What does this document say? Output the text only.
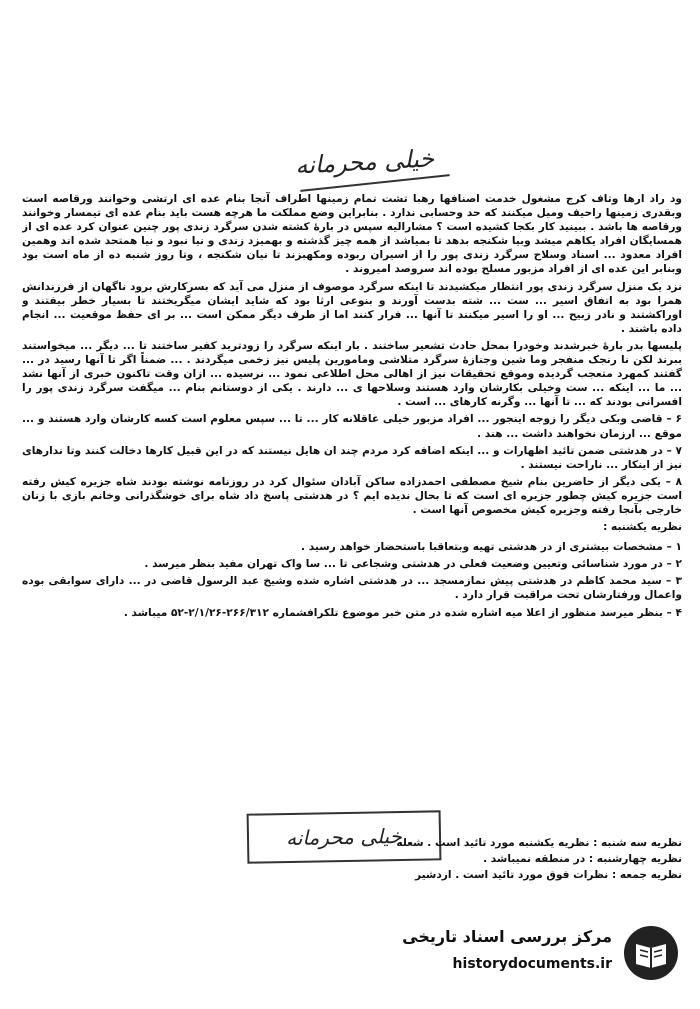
خیلی محرمانه

ود راد ارها وتاف کرج مشغول خدمت اصنافها رهبا تشت تمام زمینها اطراف آنجا بنام عده ای ارتشی وخوانند ورقاصه است وبقدری زمینها راحیف ومیل میکنند که حد وحسابی ندارد . بنابراین وضع مملکت ما هرچه هست باید بنام عده ای تیمسار وخوانند ورقاصه ها باشد . ببینید کار بکجا کشیده است ؟ مشارالیه سپس در بارهٔ کشته شدن سرگرد زندی پور چنین عنوان کرد عده ای از همسایگان افراد یکاهم میشد وبیا شکنجه بدهد تا بمیاشد از همه چیز گذشته و بهمیزد زندی و نیا نبود و نیا همتحد شده اند وهمین افراد معدود ... اسناد وسلاح سرگرد زندی پور را از اسیران ربوده ومکهبزند تا نیان شکنجه ، وتا روز شنبه ده از ماه است بود وبنابر این عده ای از افراد مزبور مسلح بوده اند سروصد امیروند .

نزد یک منزل سرگرد زندی پور انتظار میکشیدند تا اینکه سرگرد موصوف از منزل می آید که بسرکارش برود ناگهان از فرزندانش همرا بود به اتفاق اسیر ... ست ... شته بدست آورند و بنوعی ارثا بود که شاید ایشان میگریختند تا بسیار خطر بیفتند و اوراکشتند و نادر زبیح ... او را اسیر میکنند تا آنها ... فرار کنند اما از طرف دیگر ممکن است ... بر ای حفظ موقعیت ... انجام داده باشند .

پلیسها بدر بارهٔ خبرشدند وخودرا بمحل حادث تشعیر ساختند . بار اینکه سرگرد را زودترید کفیر ساختند تا ... دیگر ... میخواستند ببرند لکن نا رنجک منفجر وما شین وجنازهٔ سرگرد متلاشی ومامورین پلیس نیز زخمی میگردند . ... ضمناً اگر تا آنها رسید در ... گفتند کمهرد متعجب گردیده وموقع تحقیقات نیز از اهالی محل اطلاعی نمود ... نرسیده ... ازان وقت تاکنون خبری از آنها نشد ... ما ... اینکه ... ست وخیلی بکارشان وارد هستند وسلاحها ی ... دارند . یکی از دوستانم بنام ... میگفت سرگرد زندی پور را افسرانی بودند که ... تا آنها ... وگرنه کارهای ... است .

۶ – قاضی وبکی دیگر را زوجه اینجور ... افراد مزبور خیلی عاقلانه کار ... تا ... سپس معلوم است کسه کارشان وارد هستند و ... موقع ... ارزمان نخواهند داشت ... هند .

۷ – در هدشتی ضمن تائید اظهارات و ... اینکه اضافه کرد مردم چند ان هایل نیستند که در این قبیل کارها دخالت کنند وتا ندارهای نیز از اینکار ... ناراحت نیستند .

۸ – یکی دیگر از حاضرین بنام شیخ مصطفی احمدزاده ساکن آبادان سئوال کرد در روزنامه نوشته بودند شاه جزیره کیش رفته است جزیره کیش چطور جزیره ای است که تا بحال ندیده ایم ؟ در هدشتی پاسخ داد شاه برای خوشگذرانی وخانم بازی با زنان خارجی بآنجا رفته وجزیره کیش مخصوص آنها است .

نظریه یکشنبه :

۱ – مشخصات بیشتری از در هدشتی تهیه وبتعاقبا باستحضار خواهد رسید .

۲ – در مورد شناسائی وتعیین وضعیت فعلی در هدشتی وشجاعی تا ... سا واک تهران مفید بنظر میرسد .

۳ – سید محمد کاظم در هدشتی پیش نمازمسجد ... در هدشتی اشاره شده وشیخ عبد الرسول قاضی در ... دارای سوابقی بوده واعمال ورفتارشان تحت مراقبت قرار دارد .

۴ – بنظر میرسد منظور از اعلا میه اشاره شده در متن خبر موضوع تلکرافشماره ۲۶۶/۳۱۲-۲/۱/۲۶-۵۲ میباشد .

خیلی محرمانه

نظریه سه شنبه : نظریه یکشنبه مورد تائید است . شعله

نظریه چهارشنبه : در منطقه نمیباشد .

نظریه جمعه : نظرات فوق مورد تائید است . اردشیر

مرکز بررسی اسناد تاریخی
historydocuments.ir
